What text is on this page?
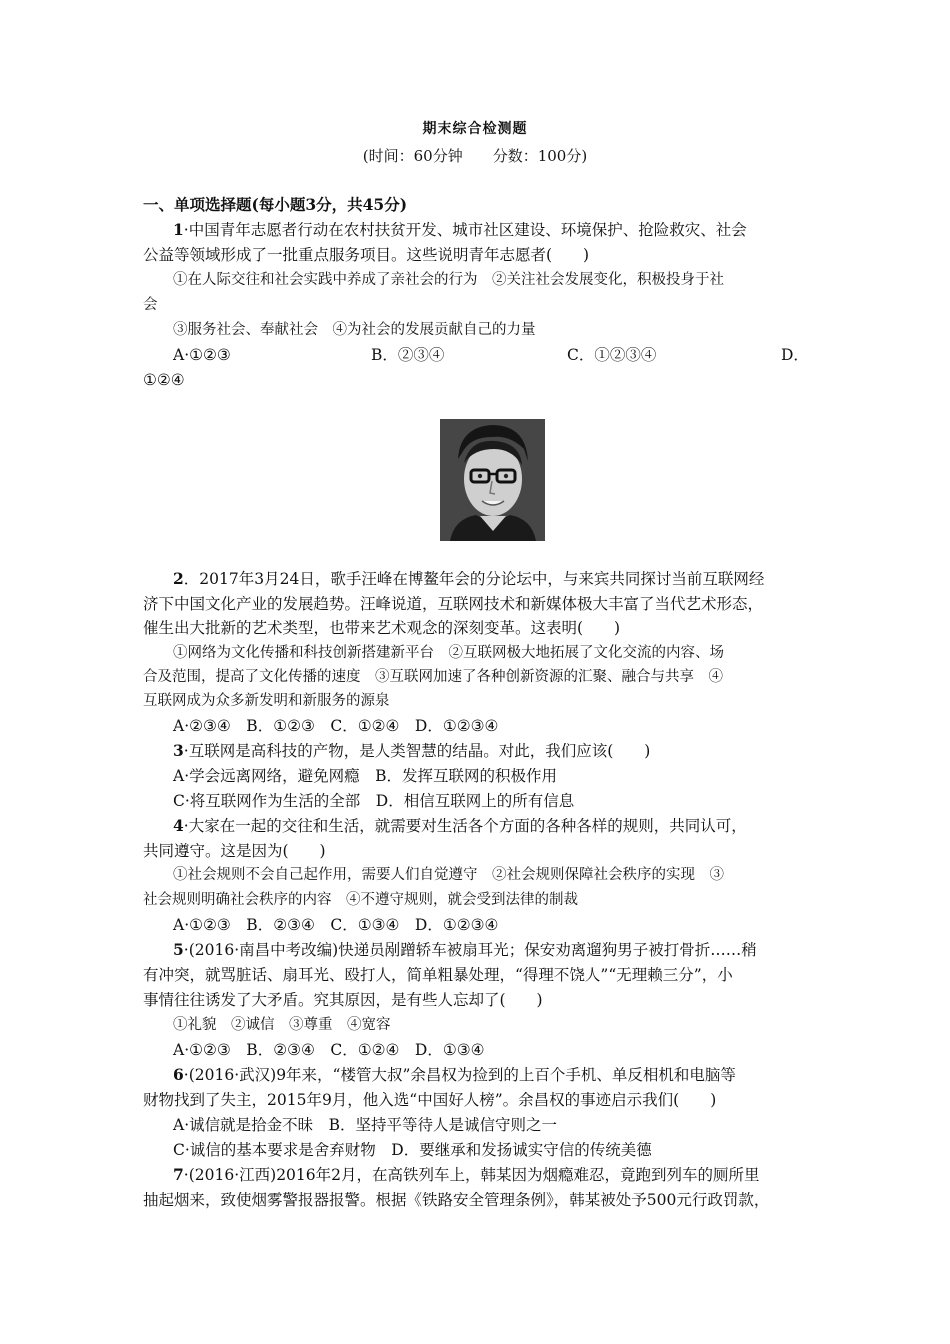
期末综合检测题
(时间：60分钟　　分数：100分)
一、单项选择题(每小题3分，共45分)
1·中国青年志愿者行动在农村扶贫开发、城市社区建设、环境保护、抢险救灾、社会
公益等领域形成了一批重点服务项目。这些说明青年志愿者(　　)
①在人际交往和社会实践中养成了亲社会的行为　②关注社会发展变化，积极投身于社
会
③服务社会、奉献社会　④为社会的发展贡献自己的力量
A·①②③	B．②③④	C．①②③④	D．
①②④
2．2017年3月24日，歌手汪峰在博鳌年会的分论坛中，与来宾共同探讨当前互联网经
济下中国文化产业的发展趋势。汪峰说道，互联网技术和新媒体极大丰富了当代艺术形态，
催生出大批新的艺术类型，也带来艺术观念的深刻变革。这表明(　　)
①网络为文化传播和科技创新搭建新平台　②互联网极大地拓展了文化交流的内容、场
合及范围，提高了文化传播的速度　③互联网加速了各种创新资源的汇聚、融合与共享　④
互联网成为众多新发明和新服务的源泉
A·②③④　B．①②③　C．①②④　D．①②③④
3·互联网是高科技的产物，是人类智慧的结晶。对此，我们应该(　　)
A·学会远离网络，避免网瘾　B．发挥互联网的积极作用
C·将互联网作为生活的全部　D．相信互联网上的所有信息
4·大家在一起的交往和生活，就需要对生活各个方面的各种各样的规则，共同认可，
共同遵守。这是因为(　　)
①社会规则不会自己起作用，需要人们自觉遵守　②社会规则保障社会秩序的实现　③
社会规则明确社会秩序的内容　④不遵守规则，就会受到法律的制裁
A·①②③　B．②③④　C．①③④　D．①②③④
5·(2016·南昌中考改编)快递员剐蹭轿车被扇耳光；保安劝离遛狗男子被打骨折……稍
有冲突，就骂脏话、扇耳光、殴打人，简单粗暴处理，“得理不饶人”“无理赖三分”，小
事情往往诱发了大矛盾。究其原因，是有些人忘却了(　　)
①礼貌　②诚信　③尊重　④宽容
A·①②③　B．②③④　C．①②④　D．①③④
6·(2016·武汉)9年来，“楼管大叔”余昌权为捡到的上百个手机、单反相机和电脑等
财物找到了失主，2015年9月，他入选“中国好人榜”。余昌权的事迹启示我们(　　)
A·诚信就是拾金不昧　B．坚持平等待人是诚信守则之一
C·诚信的基本要求是舍弃财物　D．要继承和发扬诚实守信的传统美德
7·(2016·江西)2016年2月，在高铁列车上，韩某因为烟瘾难忍，竟跑到列车的厕所里
抽起烟来，致使烟雾警报器报警。根据《铁路安全管理条例》，韩某被处予500元行政罚款，
